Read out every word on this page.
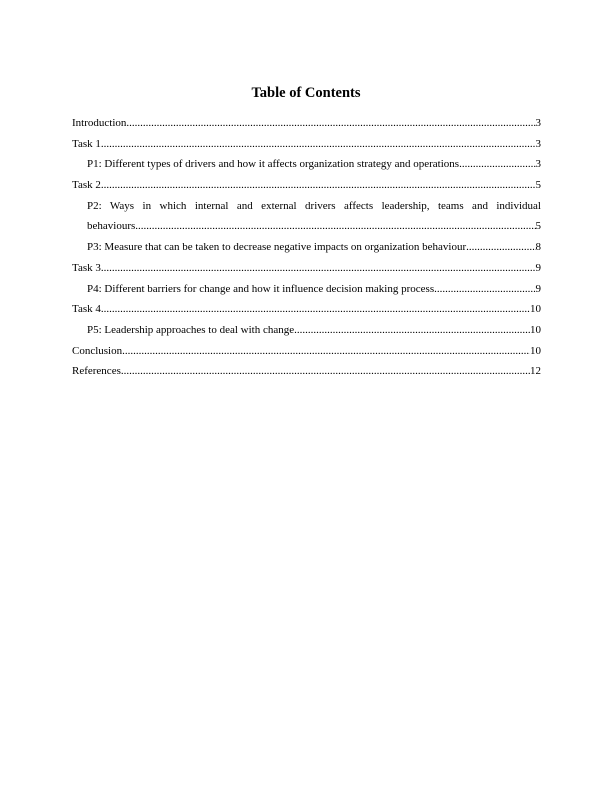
Table of Contents
Introduction .....	3
Task 1 .....	3
P1: Different types of drivers and how it affects organization strategy and operations .....	3
Task 2 .....	5
P2: Ways in which internal and external drivers affects leadership, teams and individual
behaviours .....	5
P3: Measure that can be taken to decrease negative impacts on organization behaviour .....	8
Task 3 .....	9
P4: Different barriers for change and how it influence decision making process .....	9
Task 4 .....	10
P5: Leadership approaches to deal with change .....	10
Conclusion .....	10
References .....	12
